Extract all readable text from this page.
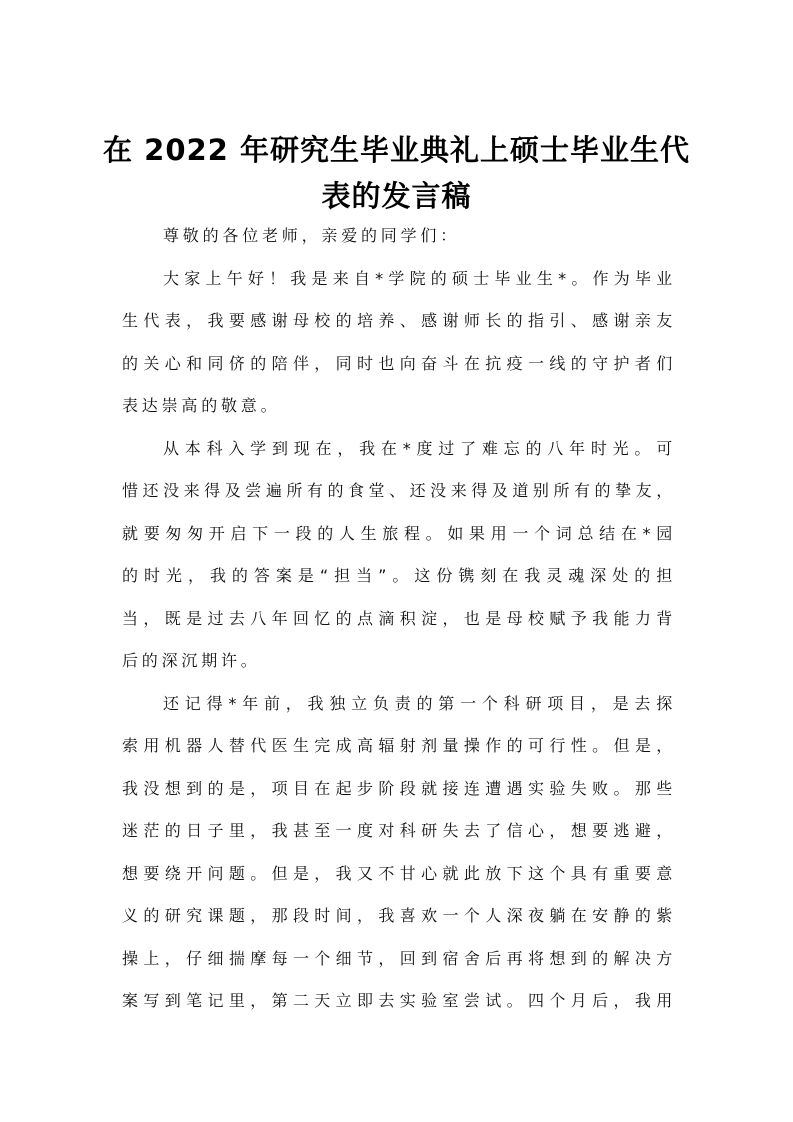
在 2022 年研究生毕业典礼上硕士毕业生代
表的发言稿
尊敬的各位老师，亲爱的同学们：
大家上午好！我是来自*学院的硕士毕业生*。作为毕业
生代表，我要感谢母校的培养、感谢师长的指引、感谢亲友
的关心和同侪的陪伴，同时也向奋斗在抗疫一线的守护者们
表达崇高的敬意。
从本科入学到现在，我在*度过了难忘的八年时光。可
惜还没来得及尝遍所有的食堂、还没来得及道别所有的挚友，
就要匆匆开启下一段的人生旅程。如果用一个词总结在*园
的时光，我的答案是“担当”。这份镌刻在我灵魂深处的担
当，既是过去八年回忆的点滴积淀，也是母校赋予我能力背
后的深沉期许。
还记得*年前，我独立负责的第一个科研项目，是去探
索用机器人替代医生完成高辐射剂量操作的可行性。但是，
我没想到的是，项目在起步阶段就接连遭遇实验失败。那些
迷茫的日子里，我甚至一度对科研失去了信心，想要逃避，
想要绕开问题。但是，我又不甘心就此放下这个具有重要意
义的研究课题，那段时间，我喜欢一个人深夜躺在安静的紫
操上，仔细揣摩每一个细节，回到宿舍后再将想到的解决方
案写到笔记里，第二天立即去实验室尝试。四个月后，我用
